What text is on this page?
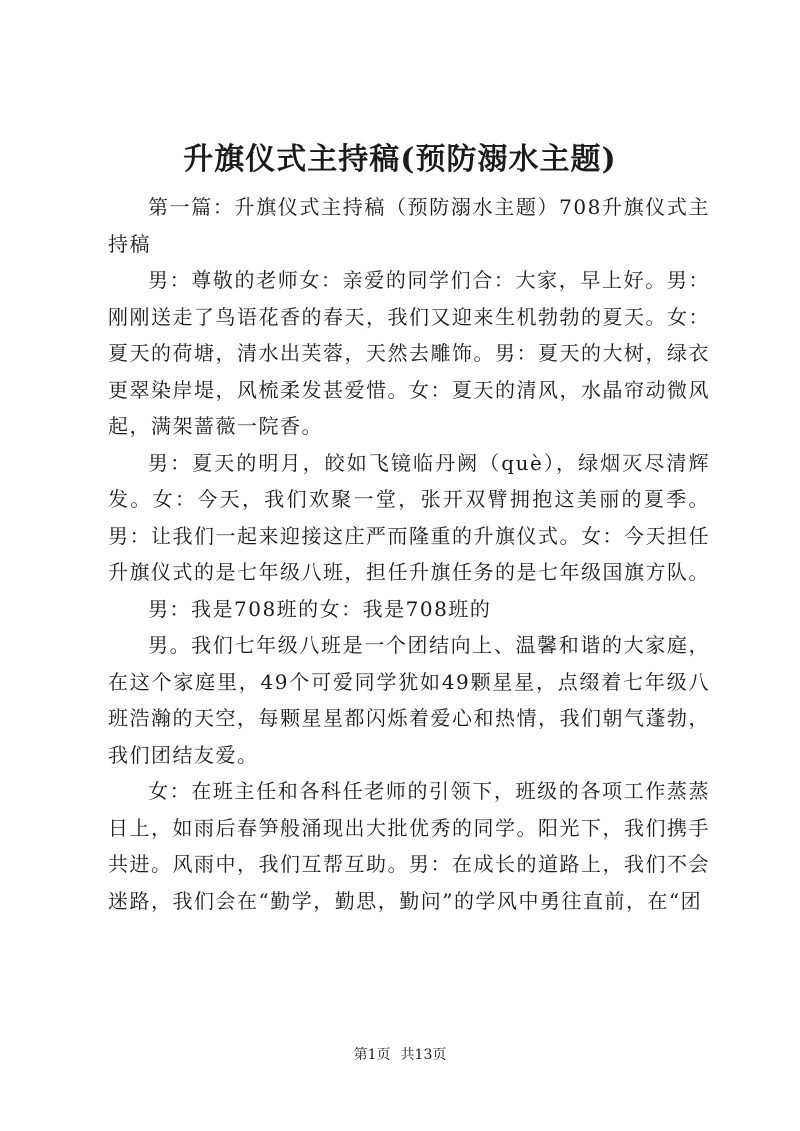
升旗仪式主持稿(预防溺水主题)

第一篇：升旗仪式主持稿（预防溺水主题）708升旗仪式主持稿

男：尊敬的老师女：亲爱的同学们合：大家，早上好。男：刚刚送走了鸟语花香的春天，我们又迎来生机勃勃的夏天。女：夏天的荷塘，清水出芙蓉，天然去雕饰。男：夏天的大树，绿衣更翠染岸堤，风梳柔发甚爱惜。女：夏天的清风，水晶帘动微风起，满架蔷薇一院香。

男：夏天的明月，皎如飞镜临丹阙（què），绿烟灭尽清辉发。女：今天，我们欢聚一堂，张开双臂拥抱这美丽的夏季。男：让我们一起来迎接这庄严而隆重的升旗仪式。女：今天担任升旗仪式的是七年级八班，担任升旗任务的是七年级国旗方队。

男：我是708班的女：我是708班的

男。我们七年级八班是一个团结向上、温馨和谐的大家庭，在这个家庭里，49个可爱同学犹如49颗星星，点缀着七年级八班浩瀚的天空，每颗星星都闪烁着爱心和热情，我们朝气蓬勃，我们团结友爱。

女：在班主任和各科任老师的引领下，班级的各项工作蒸蒸日上，如雨后春笋般涌现出大批优秀的同学。阳光下，我们携手共进。风雨中，我们互帮互助。男：在成长的道路上，我们不会迷路，我们会在“勤学，勤思，勤问”的学风中勇往直前，在“团

第1页 共13页
